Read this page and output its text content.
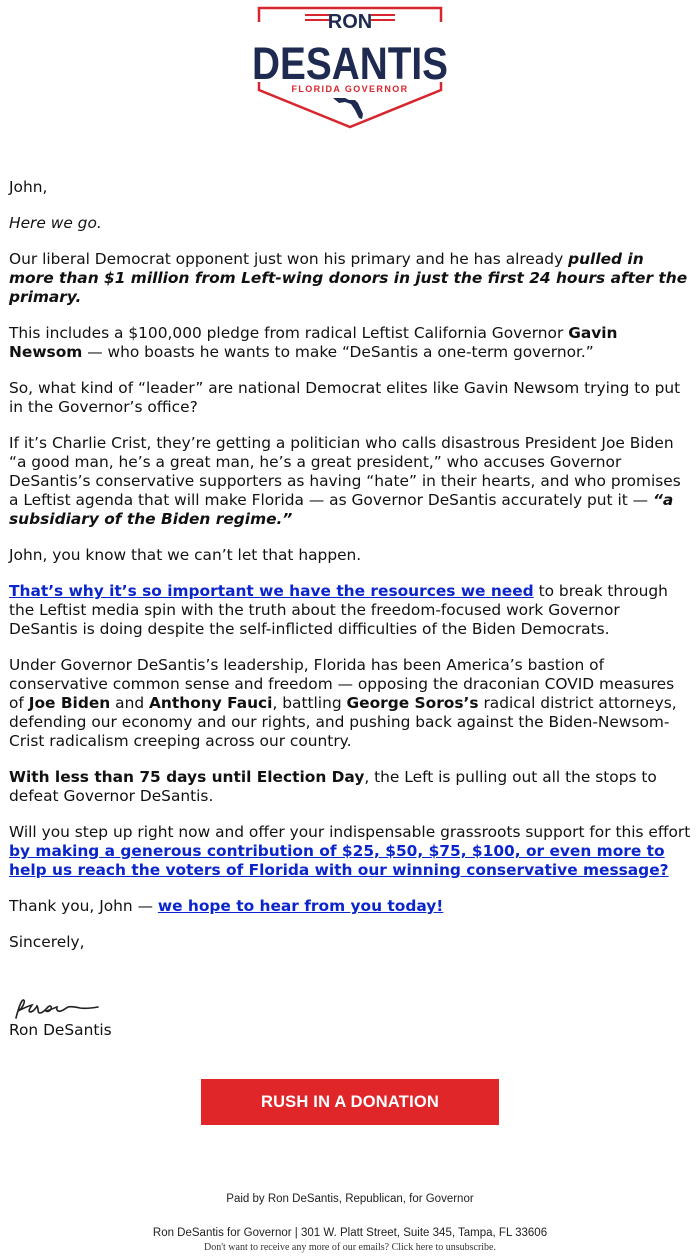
RON
DESANTIS
FLORIDA GOVERNOR

John,

Here we go.

Our liberal Democrat opponent just won his primary and he has already pulled in more than $1 million from Left-wing donors in just the first 24 hours after the primary.

This includes a $100,000 pledge from radical Leftist California Governor Gavin Newsom — who boasts he wants to make “DeSantis a one-term governor.”

So, what kind of “leader” are national Democrat elites like Gavin Newsom trying to put in the Governor’s office?

If it’s Charlie Crist, they’re getting a politician who calls disastrous President Joe Biden “a good man, he’s a great man, he’s a great president,” who accuses Governor DeSantis’s conservative supporters as having “hate” in their hearts, and who promises a Leftist agenda that will make Florida — as Governor DeSantis accurately put it — “a subsidiary of the Biden regime.”

John, you know that we can’t let that happen.

That’s why it’s so important we have the resources we need to break through the Leftist media spin with the truth about the freedom-focused work Governor DeSantis is doing despite the self-inflicted difficulties of the Biden Democrats.

Under Governor DeSantis’s leadership, Florida has been America’s bastion of conservative common sense and freedom — opposing the draconian COVID measures of Joe Biden and Anthony Fauci, battling George Soros’s radical district attorneys, defending our economy and our rights, and pushing back against the Biden-Newsom-Crist radicalism creeping across our country.

With less than 75 days until Election Day, the Left is pulling out all the stops to defeat Governor DeSantis.

Will you step up right now and offer your indispensable grassroots support for this effort by making a generous contribution of $25, $50, $75, $100, or even more to help us reach the voters of Florida with our winning conservative message?

Thank you, John — we hope to hear from you today!

Sincerely,

Ron DeSantis
RUSH IN A DONATION
Paid by Ron DeSantis, Republican, for Governor
Ron DeSantis for Governor | 301 W. Platt Street, Suite 345, Tampa, FL 33606
Don't want to receive any more of our emails? Click here to unsubscribe.
